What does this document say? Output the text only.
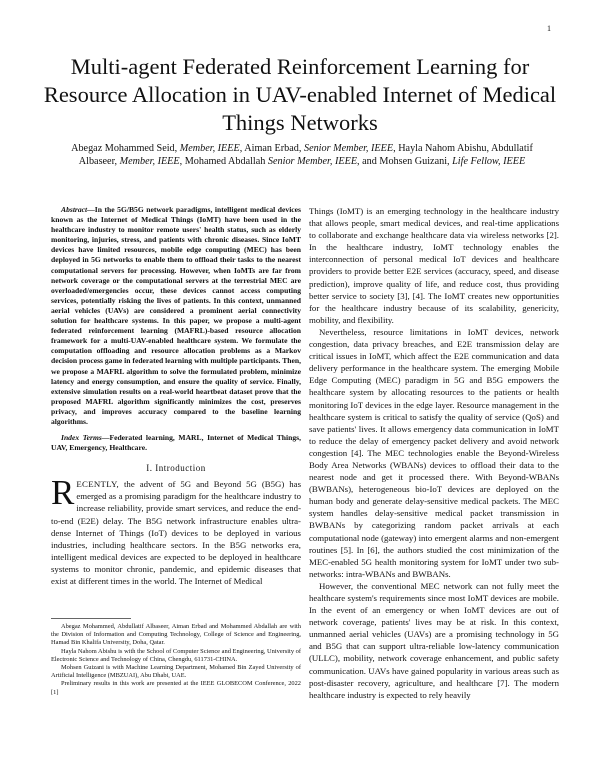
1
Multi-agent Federated Reinforcement Learning for Resource Allocation in UAV-enabled Internet of Medical Things Networks
Abegaz Mohammed Seid, Member, IEEE, Aiman Erbad, Senior Member, IEEE, Hayla Nahom Abishu, Abdullatif
Albaseer, Member, IEEE, Mohamed Abdallah Senior Member, IEEE, and Mohsen Guizani, Life Fellow, IEEE
Abstract—In the 5G/B5G network paradigms, intelligent medical devices known as the Internet of Medical Things (IoMT) have been used in the healthcare industry to monitor remote users' health status, such as elderly monitoring, injuries, stress, and patients with chronic diseases. Since IoMT devices have limited resources, mobile edge computing (MEC) has been deployed in 5G networks to enable them to offload their tasks to the nearest computational servers for processing. However, when IoMTs are far from network coverage or the computational servers at the terrestrial MEC are overloaded/emergencies occur, these devices cannot access computing services, potentially risking the lives of patients. In this context, unmanned aerial vehicles (UAVs) are considered a prominent aerial connectivity solution for healthcare systems. In this paper, we propose a multi-agent federated reinforcement learning (MAFRL)-based resource allocation framework for a multi-UAV-enabled healthcare system. We formulate the computation offloading and resource allocation problems as a Markov decision process game in federated learning with multiple participants. Then, we propose a MAFRL algorithm to solve the formulated problem, minimize latency and energy consumption, and ensure the quality of service. Finally, extensive simulation results on a real-world heartbeat dataset prove that the proposed MAFRL algorithm significantly minimizes the cost, preserves privacy, and improves accuracy compared to the baseline learning algorithms.
Index Terms—Federated learning, MARL, Internet of Medical Things, UAV, Emergency, Healthcare.
I. Introduction
RECENTLY, the advent of 5G and Beyond 5G (B5G) has emerged as a promising paradigm for the healthcare industry to increase reliability, provide smart services, and reduce the end-to-end (E2E) delay. The B5G network infrastructure enables ultra-dense Internet of Things (IoT) devices to be deployed in various industries, including healthcare sectors. In the B5G networks era, intelligent medical devices are expected to be deployed in healthcare systems to monitor chronic, pandemic, and epidemic diseases that exist at different times in the world. The Internet of Medical

Abegaz Mohammed, Abdullatif Albaseer, Aiman Erbad and Mohammed Abdallah are with the Division of Information and Computing Technology, College of Science and Engineering, Hamad Bin Khalifa University, Doha, Qatar.

Hayla Nahom Abishu is with the School of Computer Science and Engineering, University of Electronic Science and Technology of China, Chengdu, 611731-CHINA.

Mohsen Guizani is with Machine Learning Department, Mohamed Bin Zayed University of Artificial Intelligence (MBZUAI), Abu Dhabi, UAE.

Preliminary results in this work are presented at the IEEE GLOBECOM Conference, 2022 [1]

Things (IoMT) is an emerging technology in the healthcare industry that allows people, smart medical devices, and real-time applications to collaborate and exchange healthcare data via wireless networks [2]. In the healthcare industry, IoMT technology enables the interconnection of personal medical IoT devices and healthcare providers to provide better E2E services (accuracy, speed, and disease prediction), improve quality of life, and reduce cost, thus providing better service to society [3], [4]. The IoMT creates new opportunities for the healthcare industry because of its scalability, genericity, mobility, and flexibility.

Nevertheless, resource limitations in IoMT devices, network congestion, data privacy breaches, and E2E transmission delay are critical issues in IoMT, which affect the E2E communication and data delivery performance in the healthcare system. The emerging Mobile Edge Computing (MEC) paradigm in 5G and B5G empowers the healthcare system by allocating resources to the patients or health monitoring IoT devices in the edge layer. Resource management in the healthcare system is critical to satisfy the quality of service (QoS) and save patients' lives. It allows emergency data communication in IoMT to reduce the delay of emergency packet delivery and avoid network congestion [4]. The MEC technologies enable the Beyond-Wireless Body Area Networks (WBANs) devices to offload their data to the nearest node and get it processed there. With Beyond-WBANs (BWBANs), heterogeneous bio-IoT devices are deployed on the human body and generate delay-sensitive medical packets. The MEC system handles delay-sensitive medical packet transmission in BWBANs by categorizing random packet arrivals at each computational node (gateway) into emergent alarms and non-emergent routines [5]. In [6], the authors studied the cost minimization of the MEC-enabled 5G health monitoring system for IoMT under two sub-networks: intra-WBANs and BWBANs.

However, the conventional MEC network can not fully meet the healthcare system's requirements since most IoMT devices are mobile. In the event of an emergency or when IoMT devices are out of network coverage, patients' lives may be at risk. In this context, unmanned aerial vehicles (UAVs) are a promising technology in 5G and B5G that can support ultra-reliable low-latency communication (ULLC), mobility, network coverage enhancement, and public safety communication. UAVs have gained popularity in various areas such as post-disaster recovery, agriculture, and healthcare [7]. The modern healthcare industry is expected to rely heavily
